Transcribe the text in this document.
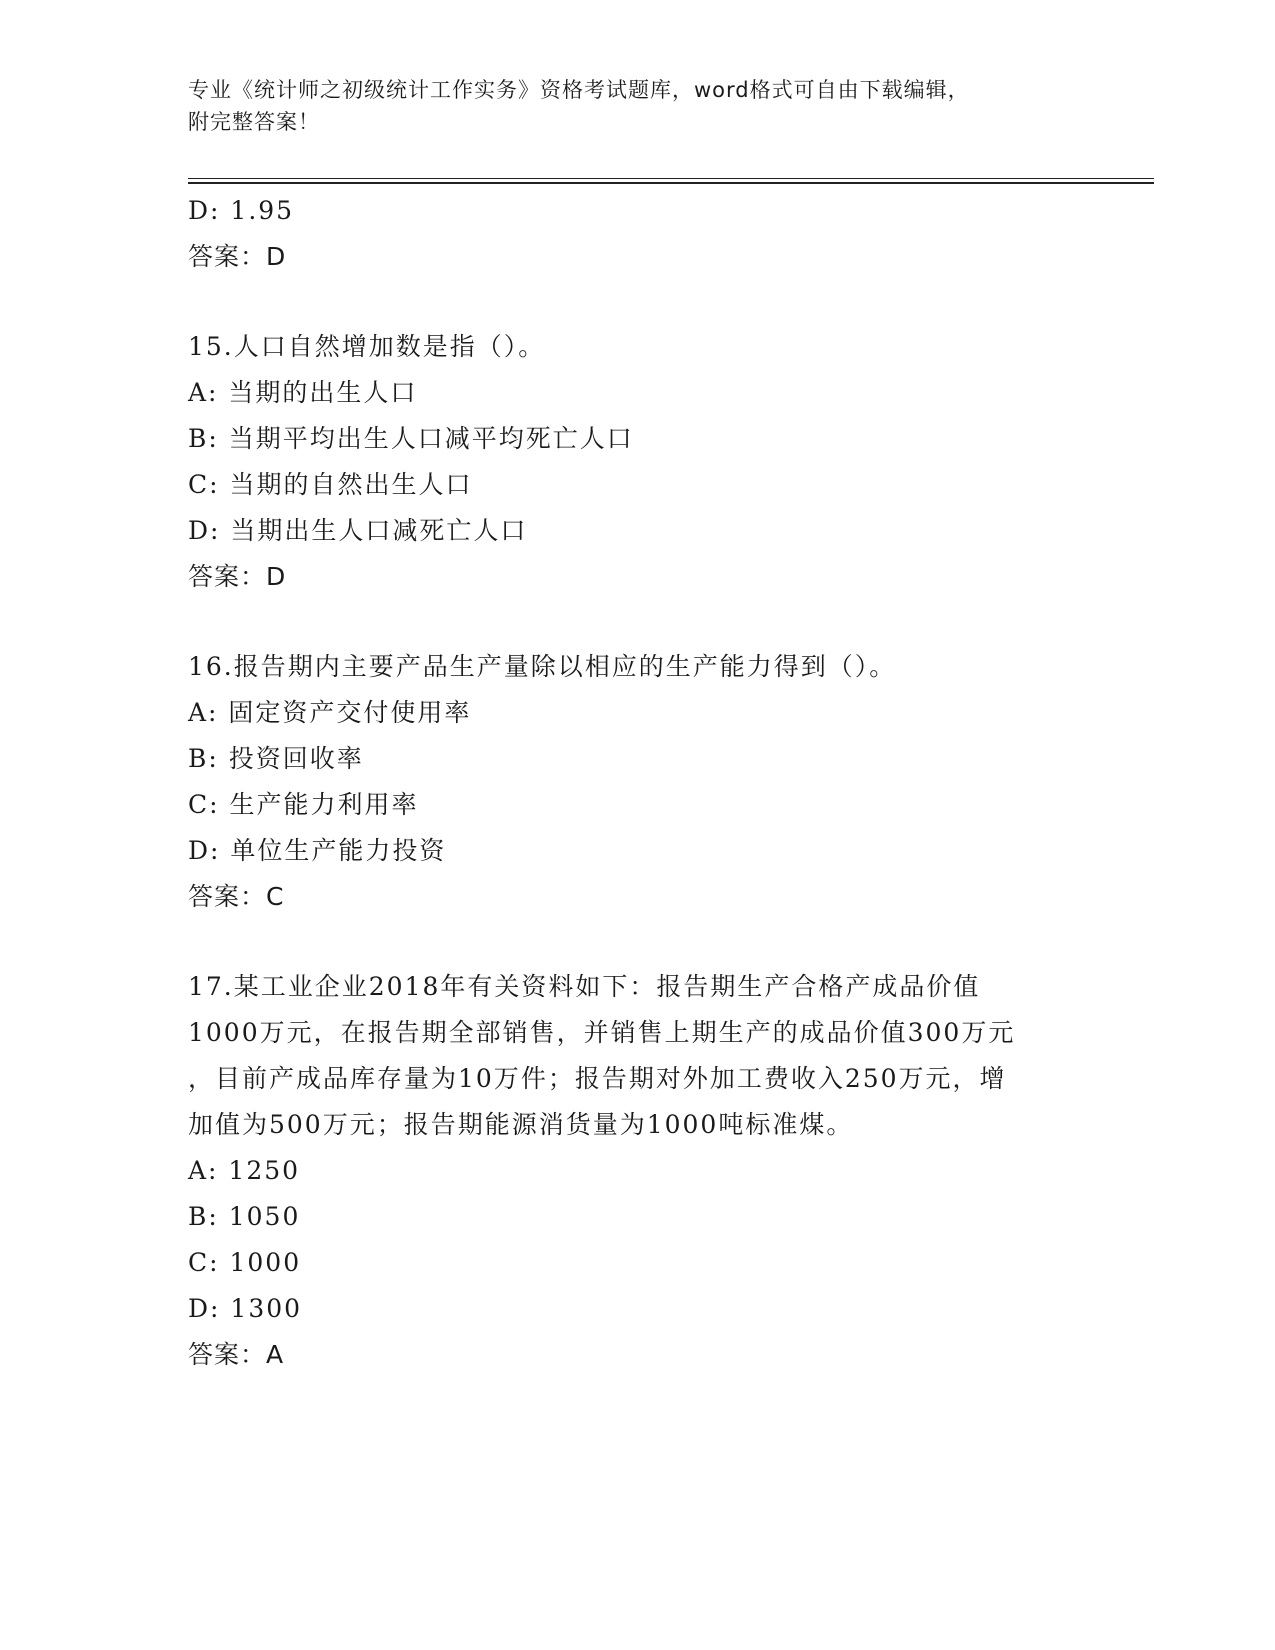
专业《统计师之初级统计工作实务》资格考试题库，word格式可自由下载编辑，
附完整答案！
D: 1.95
答案：D
15.人口自然增加数是指（）。
A: 当期的出生人口
B: 当期平均出生人口减平均死亡人口
C: 当期的自然出生人口
D: 当期出生人口减死亡人口
答案：D
16.报告期内主要产品生产量除以相应的生产能力得到（）。
A: 固定资产交付使用率
B: 投资回收率
C: 生产能力利用率
D: 单位生产能力投资
答案：C
17.某工业企业2018年有关资料如下：报告期生产合格产成品价值
1000万元，在报告期全部销售，并销售上期生产的成品价值300万元
，目前产成品库存量为10万件；报告期对外加工费收入250万元，增
加值为500万元；报告期能源消货量为1000吨标准煤。
A: 1250
B: 1050
C: 1000
D: 1300
答案：A
